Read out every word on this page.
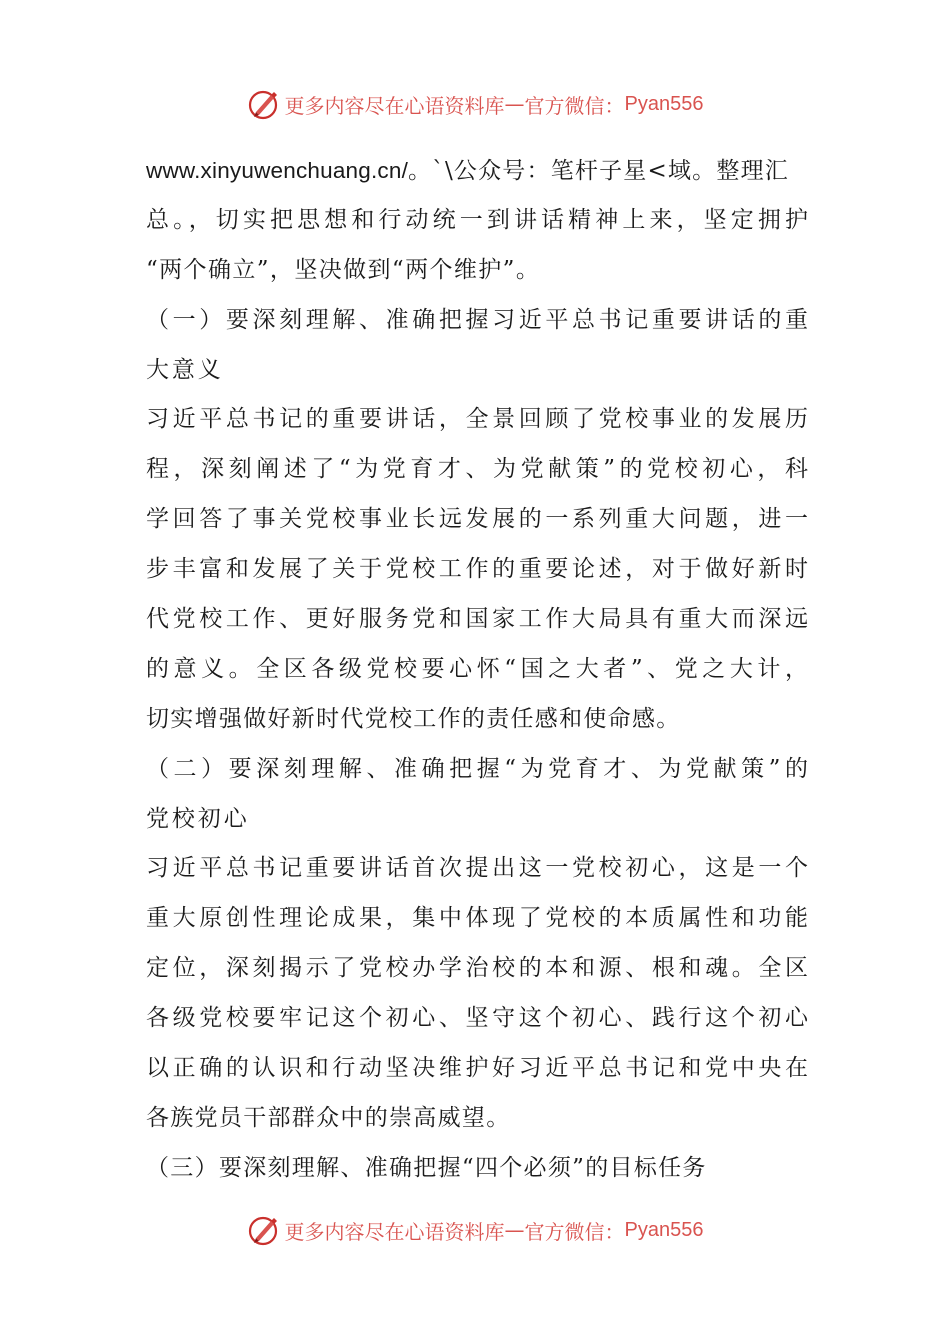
更多内容尽在心语资料库 — 官方微信 ： Pyan556
www.xinyuwenchuang.cn/。`\公众号：笔杆子星<域。整理汇
总。，切实把思想和行动统一到讲话精神上来，坚定拥护
“两个确立”，坚决做到“两个维护”。
（一）要深刻理解、准确把握习近平总书记重要讲话的重
大意义
习近平总书记的重要讲话，全景回顾了党校事业的发展历
程，深刻阐述了“为党育才、为党献策”的党校初心，科
学回答了事关党校事业长远发展的一系列重大问题，进一
步丰富和发展了关于党校工作的重要论述，对于做好新时
代党校工作、更好服务党和国家工作大局具有重大而深远
的意义。全区各级党校要心怀“国之大者”、党之大计，
切实增强做好新时代党校工作的责任感和使命感。
（二）要深刻理解、准确把握“为党育才、为党献策”的
党校初心
习近平总书记重要讲话首次提出这一党校初心，这是一个
重大原创性理论成果，集中体现了党校的本质属性和功能
定位，深刻揭示了党校办学治校的本和源、根和魂。全区
各级党校要牢记这个初心、坚守这个初心、践行这个初心
以正确的认识和行动坚决维护好习近平总书记和党中央在
各族党员干部群众中的崇高威望。
（三）要深刻理解、准确把握“四个必须”的目标任务
更多内容尽在心语资料库 — 官方微信 ： Pyan556
